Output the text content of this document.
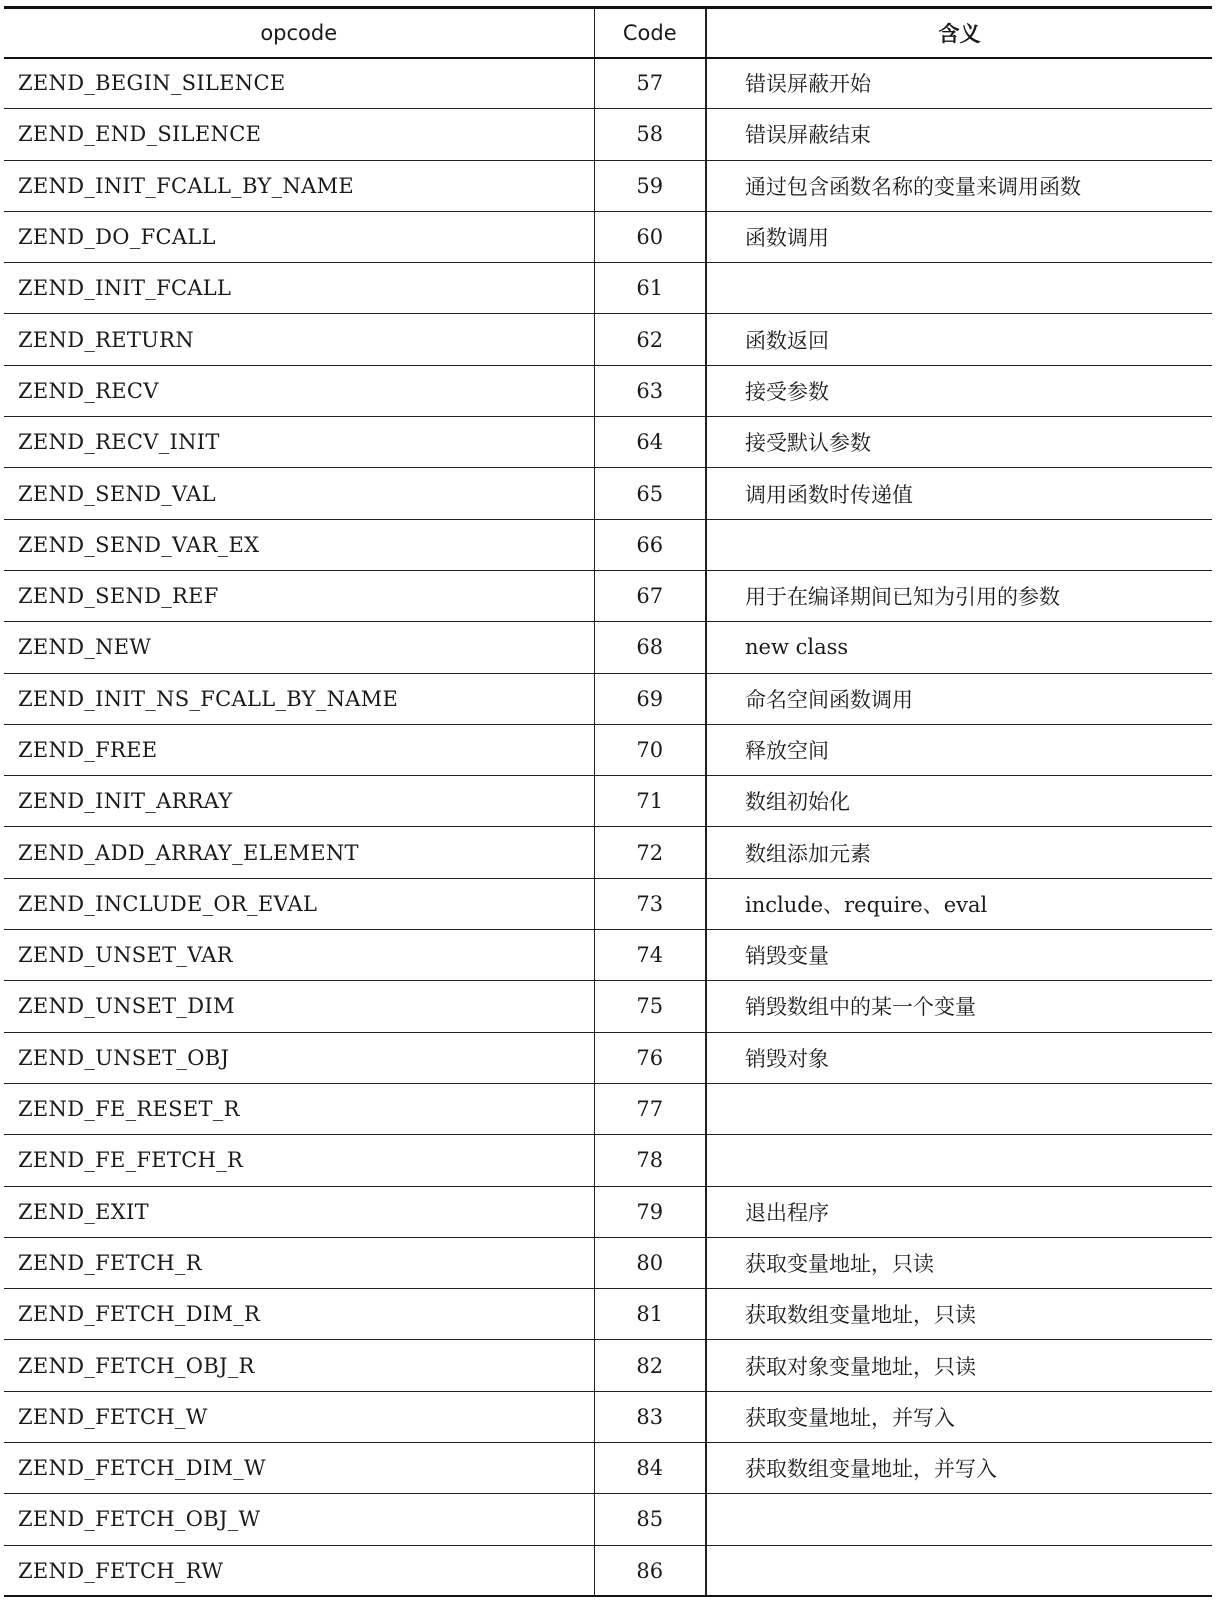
opcode	Code	含义
ZEND_BEGIN_SILENCE	57	错误屏蔽开始
ZEND_END_SILENCE	58	错误屏蔽结束
ZEND_INIT_FCALL_BY_NAME	59	通过包含函数名称的变量来调用函数
ZEND_DO_FCALL	60	函数调用
ZEND_INIT_FCALL	61	
ZEND_RETURN	62	函数返回
ZEND_RECV	63	接受参数
ZEND_RECV_INIT	64	接受默认参数
ZEND_SEND_VAL	65	调用函数时传递值
ZEND_SEND_VAR_EX	66	
ZEND_SEND_REF	67	用于在编译期间已知为引用的参数
ZEND_NEW	68	new class
ZEND_INIT_NS_FCALL_BY_NAME	69	命名空间函数调用
ZEND_FREE	70	释放空间
ZEND_INIT_ARRAY	71	数组初始化
ZEND_ADD_ARRAY_ELEMENT	72	数组添加元素
ZEND_INCLUDE_OR_EVAL	73	include、require、eval
ZEND_UNSET_VAR	74	销毁变量
ZEND_UNSET_DIM	75	销毁数组中的某一个变量
ZEND_UNSET_OBJ	76	销毁对象
ZEND_FE_RESET_R	77	
ZEND_FE_FETCH_R	78	
ZEND_EXIT	79	退出程序
ZEND_FETCH_R	80	获取变量地址，只读
ZEND_FETCH_DIM_R	81	获取数组变量地址，只读
ZEND_FETCH_OBJ_R	82	获取对象变量地址，只读
ZEND_FETCH_W	83	获取变量地址，并写入
ZEND_FETCH_DIM_W	84	获取数组变量地址，并写入
ZEND_FETCH_OBJ_W	85	
ZEND_FETCH_RW	86	
